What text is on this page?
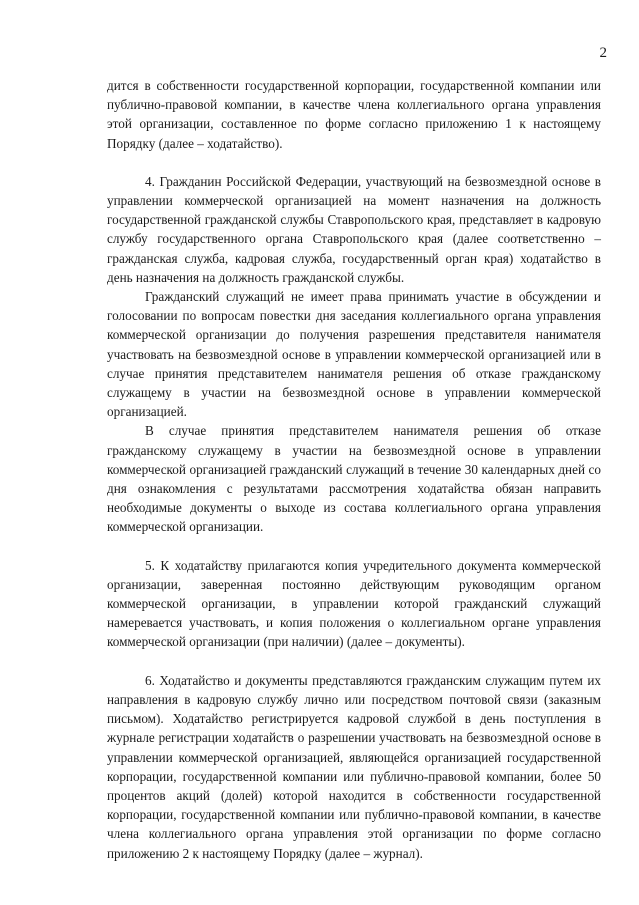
2

дится в собственности государственной корпорации, государственной компании или публично-правовой компании, в качестве члена коллегиального органа управления этой организации, составленное по форме согласно приложению 1 к настоящему Порядку (далее – ходатайство).

4. Гражданин Российской Федерации, участвующий на безвозмездной основе в управлении коммерческой организацией на момент назначения на должность государственной гражданской службы Ставропольского края, представляет в кадровую службу государственного органа Ставропольского края (далее соответственно – гражданская служба, кадровая служба, государственный орган края) ходатайство в день назначения на должность гражданской службы.

Гражданский служащий не имеет права принимать участие в обсуждении и голосовании по вопросам повестки дня заседания коллегиального органа управления коммерческой организации до получения разрешения представителя нанимателя участвовать на безвозмездной основе в управлении коммерческой организацией или в случае принятия представителем нанимателя решения об отказе гражданскому служащему в участии на безвозмездной основе в управлении коммерческой организацией.

В случае принятия представителем нанимателя решения об отказе гражданскому служащему в участии на безвозмездной основе в управлении коммерческой организацией гражданский служащий в течение 30 календарных дней со дня ознакомления с результатами рассмотрения ходатайства обязан направить необходимые документы о выходе из состава коллегиального органа управления коммерческой организации.

5. К ходатайству прилагаются копия учредительного документа коммерческой организации, заверенная постоянно действующим руководящим органом коммерческой организации, в управлении которой гражданский служащий намеревается участвовать, и копия положения о коллегиальном органе управления коммерческой организации (при наличии) (далее – документы).

6. Ходатайство и документы представляются гражданским служащим путем их направления в кадровую службу лично или посредством почтовой связи (заказным письмом). Ходатайство регистрируется кадровой службой в день поступления в журнале регистрации ходатайств о разрешении участвовать на безвозмездной основе в управлении коммерческой организацией, являющейся организацией государственной корпорации, государственной компании или публично-правовой компании, более 50 процентов акций (долей) которой находится в собственности государственной корпорации, государственной компании или публично-правовой компании, в качестве члена коллегиального органа управления этой организации по форме согласно приложению 2 к настоящему Порядку (далее – журнал).
